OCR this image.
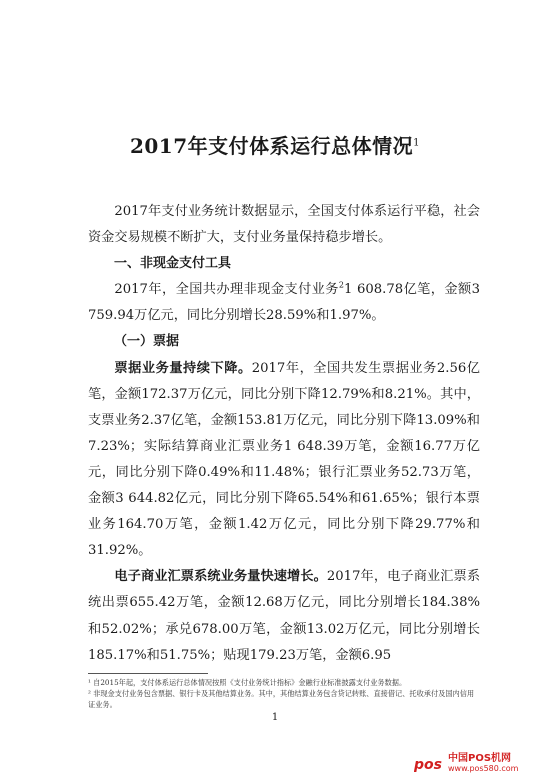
2017年支付体系运行总体情况$^1$

2017年支付业务统计数据显示，全国支付体系运行平稳，社会资金交易规模不断扩大，支付业务量保持稳步增长。

一、非现金支付工具

2017年，全国共办理非现金支付业务$^2$1 608.78亿笔，金额3 759.94万亿元，同比分别增长28.59%和1.97%。

（一）票据

票据业务量持续下降。2017年，全国共发生票据业务2.56亿笔，金额172.37万亿元，同比分别下降12.79%和8.21%。其中，支票业务2.37亿笔，金额153.81万亿元，同比分别下降13.09%和7.23%；实际结算商业汇票业务1 648.39万笔，金额16.77万亿元，同比分别下降0.49%和11.48%；银行汇票业务52.73万笔，金额3 644.82亿元，同比分别下降65.54%和61.65%；银行本票业务164.70万笔，金额1.42万亿元，同比分别下降29.77%和31.92%。

电子商业汇票系统业务量快速增长。2017年，电子商业汇票系统出票655.42万笔，金额12.68万亿元，同比分别增长184.38%和52.02%；承兑678.00万笔，金额13.02万亿元，同比分别增长185.17%和51.75%；贴现179.23万笔，金额6.95

¹ 自2015年起，支付体系运行总体情况按照《支付业务统计指标》金融行业标准披露支付业务数据。

² 非现金支付业务包含票据、银行卡及其他结算业务。其中，其他结算业务包含贷记转账、直接借记、托收承付及国内信用证业务。

1
pos 中国POS机网
www.pos580.com
